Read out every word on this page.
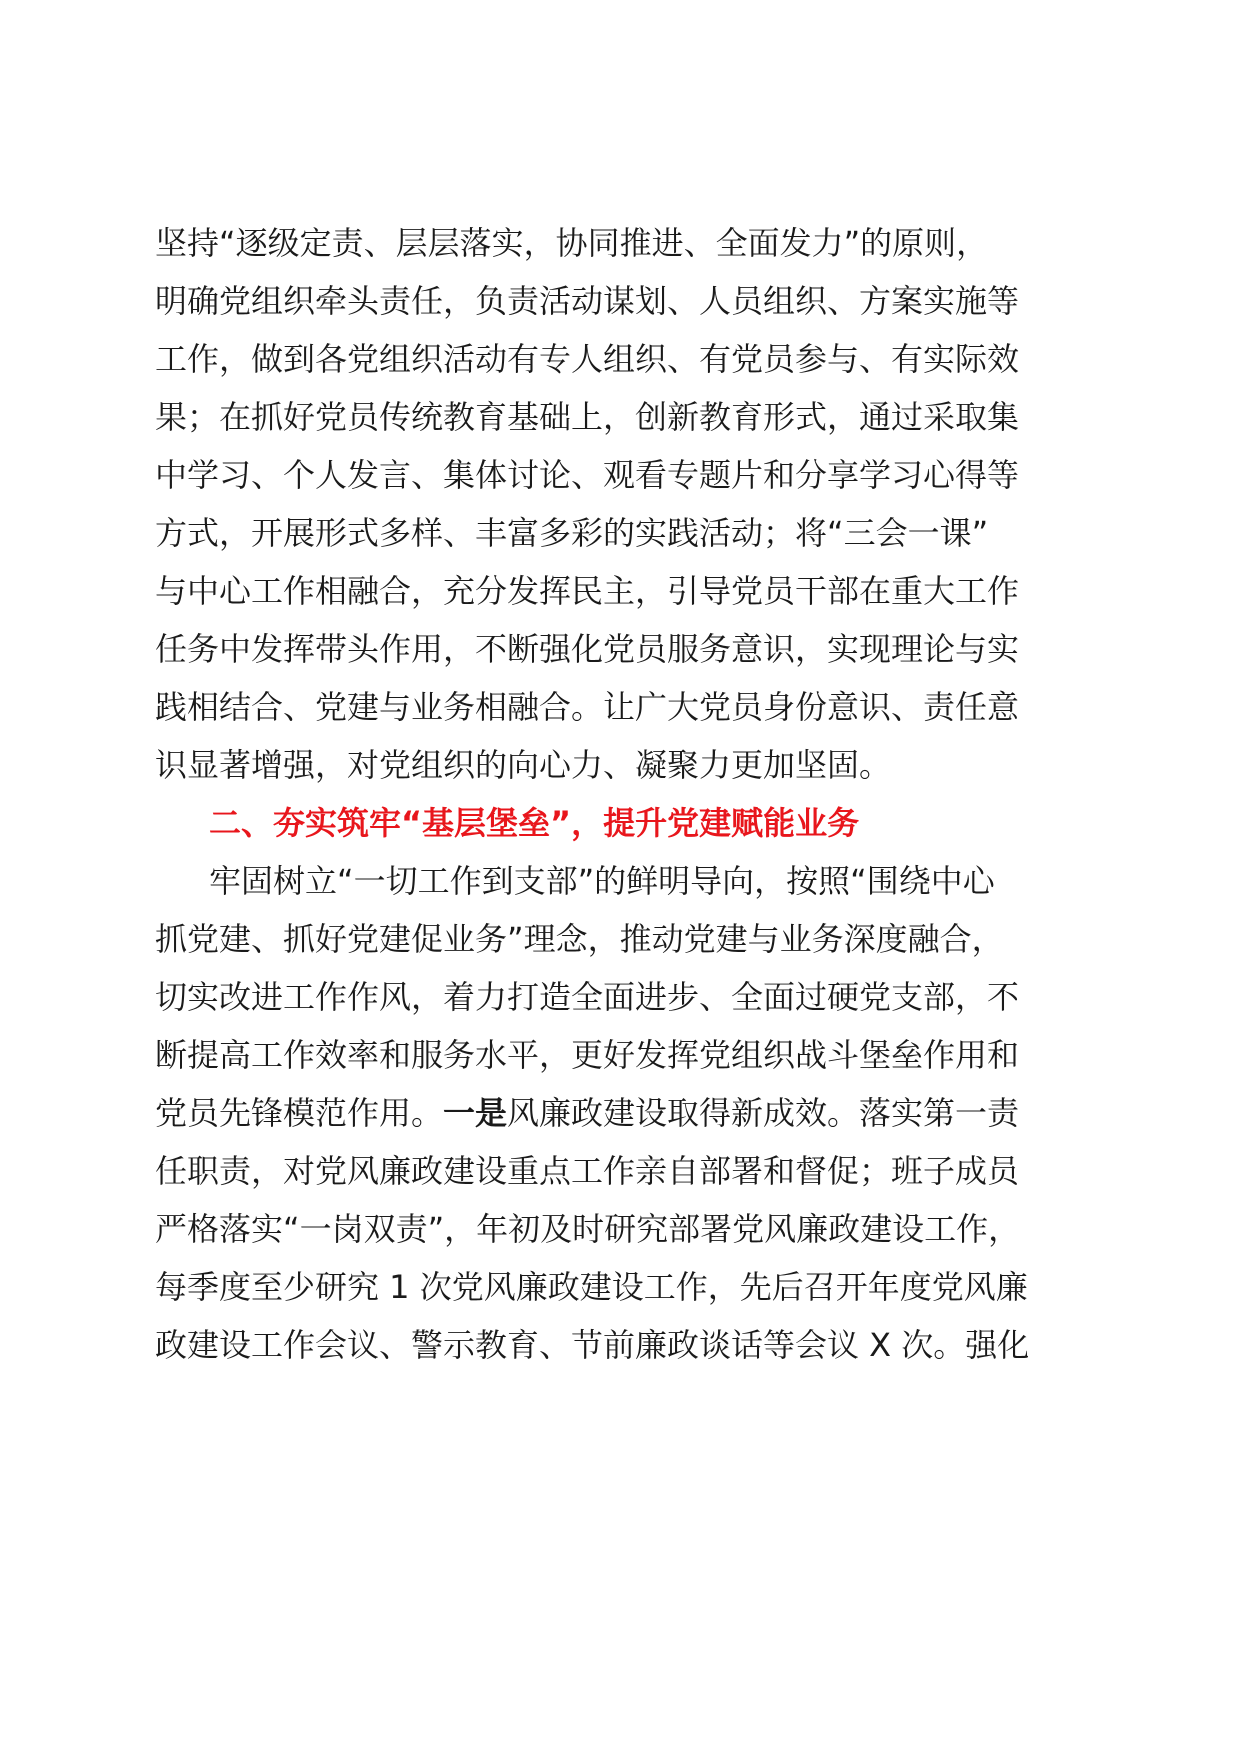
坚持“逐级定责、层层落实，协同推进、全面发力”的原则，
明确党组织牵头责任，负责活动谋划、人员组织、方案实施等
工作，做到各党组织活动有专人组织、有党员参与、有实际效
果；在抓好党员传统教育基础上，创新教育形式，通过采取集
中学习、个人发言、集体讨论、观看专题片和分享学习心得等
方式，开展形式多样、丰富多彩的实践活动；将“三会一课”
与中心工作相融合，充分发挥民主，引导党员干部在重大工作
任务中发挥带头作用，不断强化党员服务意识，实现理论与实
践相结合、党建与业务相融合。让广大党员身份意识、责任意
识显著增强，对党组织的向心力、凝聚力更加坚固。
二、夯实筑牢“基层堡垒”，提升党建赋能业务
牢固树立“一切工作到支部”的鲜明导向，按照“围绕中心
抓党建、抓好党建促业务”理念，推动党建与业务深度融合，
切实改进工作作风，着力打造全面进步、全面过硬党支部，不
断提高工作效率和服务水平，更好发挥党组织战斗堡垒作用和
党员先锋模范作用。一是风廉政建设取得新成效。落实第一责
任职责，对党风廉政建设重点工作亲自部署和督促；班子成员
严格落实“一岗双责”，年初及时研究部署党风廉政建设工作，
每季度至少研究 1 次党风廉政建设工作，先后召开年度党风廉
政建设工作会议、警示教育、节前廉政谈话等会议 X 次。强化
